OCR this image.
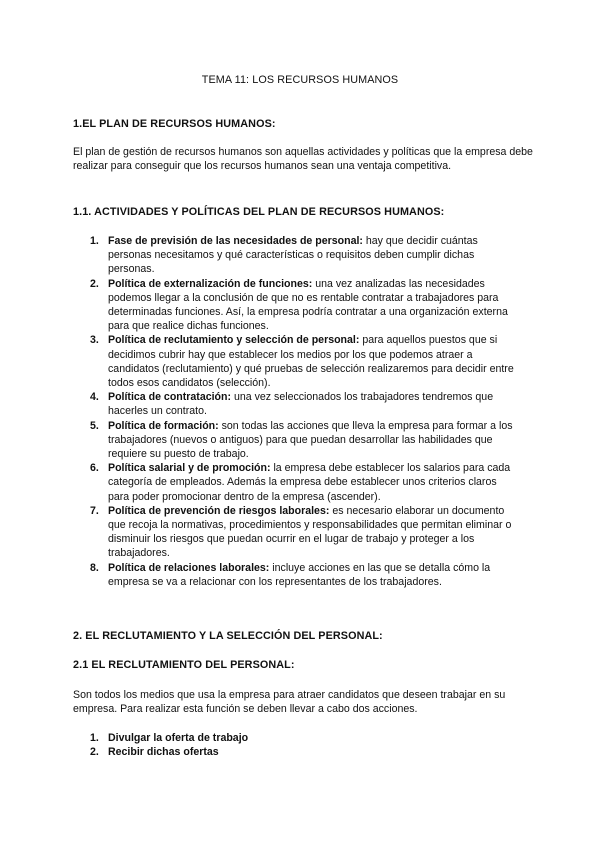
TEMA 11: LOS RECURSOS HUMANOS
1.EL PLAN DE RECURSOS HUMANOS:
El plan de gestión de recursos humanos son aquellas actividades y políticas que la empresa debe realizar para conseguir que los recursos humanos sean una ventaja competitiva.
1.1. ACTIVIDADES Y POLÍTICAS DEL PLAN DE RECURSOS HUMANOS:
1. Fase de previsión de las necesidades de personal: hay que decidir cuántas personas necesitamos y qué características o requisitos deben cumplir dichas personas.
2. Política de externalización de funciones: una vez analizadas las necesidades podemos llegar a la conclusión de que no es rentable contratar a trabajadores para determinadas funciones. Así, la empresa podría contratar a una organización externa para que realice dichas funciones.
3. Política de reclutamiento y selección de personal: para aquellos puestos que si decidimos cubrir hay que establecer los medios por los que podemos atraer a candidatos (reclutamiento) y qué pruebas de selección realizaremos para decidir entre todos esos candidatos (selección).
4. Política de contratación: una vez seleccionados los trabajadores tendremos que hacerles un contrato.
5. Política de formación: son todas las acciones que lleva la empresa para formar a los trabajadores (nuevos o antiguos) para que puedan desarrollar las habilidades que requiere su puesto de trabajo.
6. Política salarial y de promoción: la empresa debe establecer los salarios para cada categoría de empleados. Además la empresa debe establecer unos criterios claros para poder promocionar dentro de la empresa (ascender).
7. Política de prevención de riesgos laborales: es necesario elaborar un documento que recoja la normativas, procedimientos y responsabilidades que permitan eliminar o disminuir los riesgos que puedan ocurrir en el lugar de trabajo y proteger a los trabajadores.
8. Política de relaciones laborales: incluye acciones en las que se detalla cómo la empresa se va a relacionar con los representantes de los trabajadores.
2. EL RECLUTAMIENTO Y LA SELECCIÓN DEL PERSONAL:
2.1 EL RECLUTAMIENTO DEL PERSONAL:
Son todos los medios que usa la empresa para atraer candidatos que deseen trabajar en su empresa. Para realizar esta función se deben llevar a cabo dos acciones.
1. Divulgar la oferta de trabajo
2. Recibir dichas ofertas
